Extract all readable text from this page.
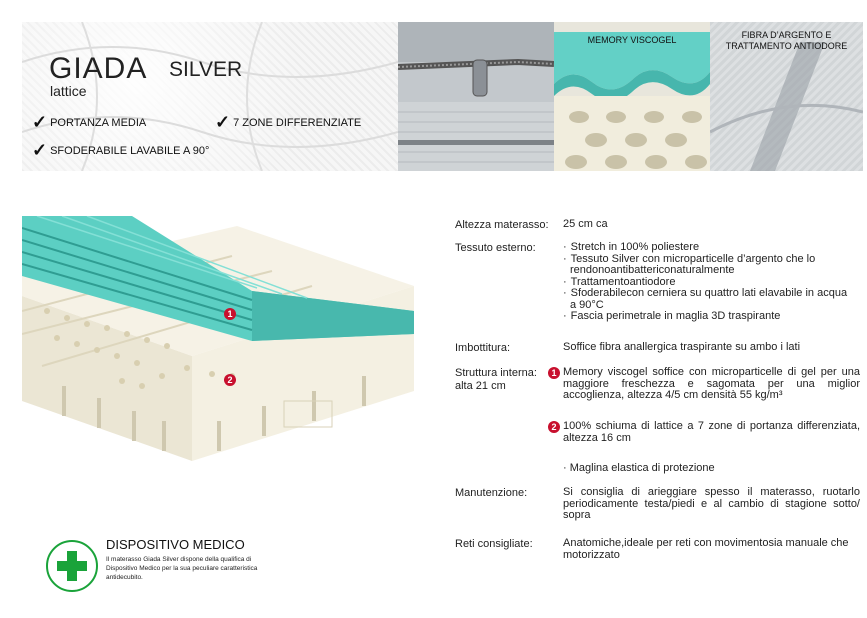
GIADA SILVER
lattice
✓ PORTANZA MEDIA	✓ 7 ZONE DIFFERENZIATE
✓ SFODERABILE LAVABILE A 90°
MEMORY VISCOGEL	FIBRA D’ARGENTO E
TRATTAMENTO ANTIODORE
1
2
Altezza materasso:	25 cm ca
Tessuto esterno:	· Stretch in 100% poliestere
· Tessuto Silver con microparticelle d’argento che lo
rendonoantibattericonaturalmente
· Trattamentoantiodore
· Sfoderabilecon cerniera su quattro lati elavabile in acqua
a 90°C
· Fascia perimetrale in maglia 3D traspirante
Imbottitura:	Soffice fibra anallergica traspirante su ambo i lati
Struttura interna:
alta 21 cm
1 Memory viscogel soffice con microparticelle di gel per una maggiore freschezza e sagomata per una miglior accoglienza, altezza 4/5 cm densità 55 kg/m³
2 100% schiuma di lattice a 7 zone di portanza differenziata, altezza 16 cm
· Maglina elastica di protezione
Manutenzione:	Si consiglia di arieggiare spesso il materasso, ruotarlo periodicamente testa/piedi e al cambio di stagione sotto/ sopra
Reti consigliate:	Anatomiche,ideale per reti con movimentosia manuale che motorizzato
DISPOSITIVO MEDICO
Il materasso Giada Silver dispone della qualifica di Dispositivo Medico per la sua peculiare caratteristica antidecubito.
